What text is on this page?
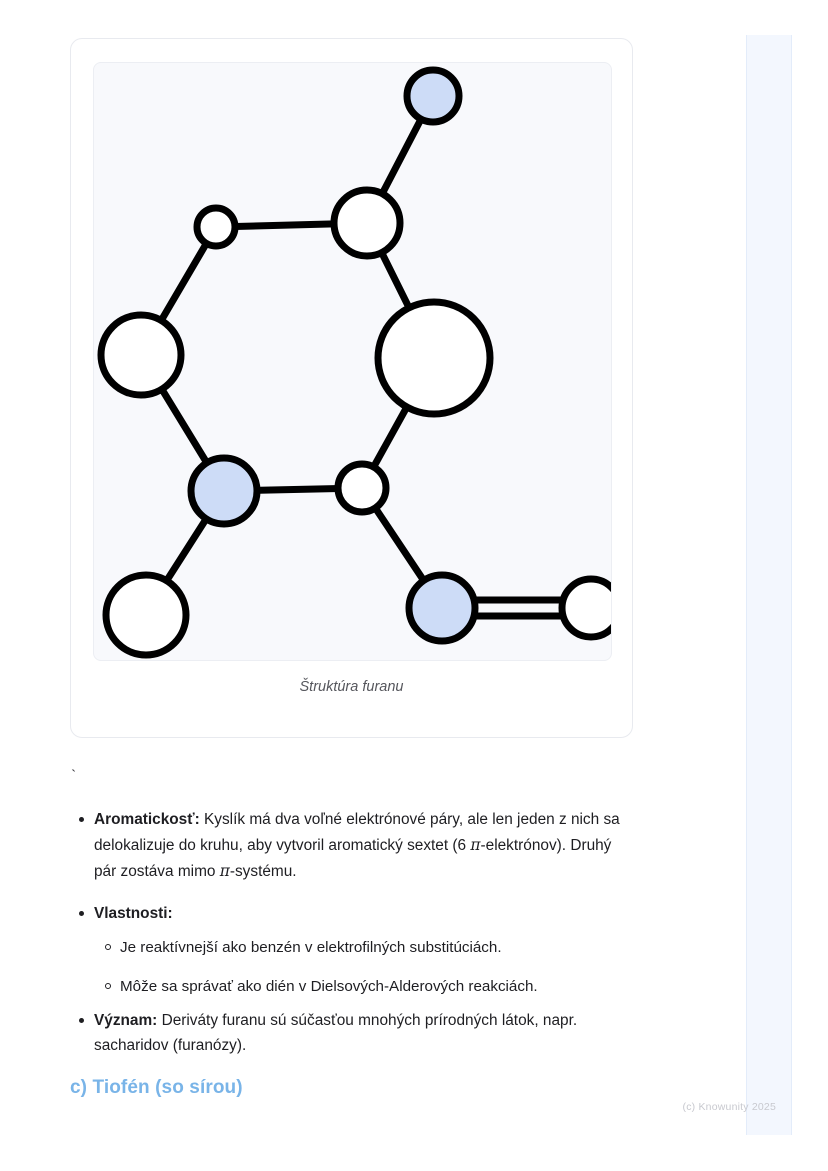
Štruktúra furanu
`
Aromatickosť: Kyslík má dva voľné elektrónové páry, ale len jeden z nich sa delokalizuje do kruhu, aby vytvoril aromatický sextet (6 π-elektrónov). Druhý pár zostáva mimo π-systému.
Vlastnosti:
Je reaktívnejší ako benzén v elektrofilných substitúciách.
Môže sa správať ako dién v Dielsových-Alderových reakciách.
Význam: Deriváty furanu sú súčasťou mnohých prírodných látok, napr. sacharidov (furanózy).
c) Tiofén (so sírou)
(c) Knowunity 2025
